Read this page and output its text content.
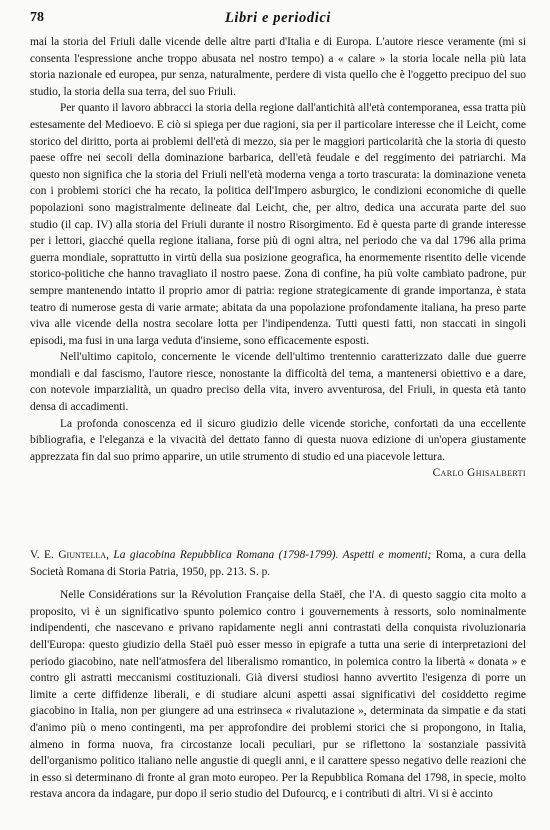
78	Libri e periodici

mai la storia del Friuli dalle vicende delle altre parti d'Italia e di Europa. L'autore riesce veramente (mi si consenta l'espressione anche troppo abusata nel nostro tempo) a « calare » la storia locale nella più lata storia nazionale ed europea, pur senza, naturalmente, perdere di vista quello che è l'oggetto precipuo del suo studio, la storia della sua terra, del suo Friuli.

Per quanto il lavoro abbracci la storia della regione dall'antichità all'età contemporanea, essa tratta più estesamente del Medioevo. E ciò si spiega per due ragioni, sia per il particolare interesse che il Leicht, come storico del diritto, porta ai problemi dell'età di mezzo, sia per le maggiori particolarità che la storia di questo paese offre nei secoli della dominazione barbarica, dell'età feudale e del reggimento dei patriarchi. Ma questo non significa che la storia del Friuli nell'età moderna venga a torto trascurata: la dominazione veneta con i problemi storici che ha recato, la politica dell'Impero asburgico, le condizioni economiche di quelle popolazioni sono magistralmente delineate dal Leicht, che, per altro, dedica una accurata parte del suo studio (il cap. IV) alla storia del Friuli durante il nostro Risorgimento. Ed è questa parte di grande interesse per i lettori, giacché quella regione italiana, forse più di ogni altra, nel periodo che va dal 1796 alla prima guerra mondiale, soprattutto in virtù della sua posizione geografica, ha enormemente risentito delle vicende storico-politiche che hanno travagliato il nostro paese. Zona di confine, ha più volte cambiato padrone, pur sempre mantenendo intatto il proprio amor di patria: regione strategicamente di grande importanza, è stata teatro di numerose gesta di varie armate; abitata da una popolazione profondamente italiana, ha preso parte viva alle vicende della nostra secolare lotta per l'indipendenza. Tutti questi fatti, non staccati in singoli episodi, ma fusi in una larga veduta d'insieme, sono efficacemente esposti.

Nell'ultimo capitolo, concernente le vicende dell'ultimo trentennio caratterizzato dalle due guerre mondiali e dal fascismo, l'autore riesce, nonostante la difficoltà del tema, a mantenersi obiettivo e a dare, con notevole imparzialità, un quadro preciso della vita, invero avventurosa, del Friuli, in questa età tanto densa di accadimenti.

La profonda conoscenza ed il sicuro giudizio delle vicende storiche, confortati da una eccellente bibliografia, e l'eleganza e la vivacità del dettato fanno di questa nuova edizione di un'opera giustamente apprezzata fin dal suo primo apparire, un utile strumento di studio ed una piacevole lettura.
Carlo Ghisalberti

V. E. Giuntella, La giacobina Repubblica Romana (1798-1799). Aspetti e momenti; Roma, a cura della Società Romana di Storia Patria, 1950, pp. 213. S. p.

Nelle Considérations sur la Révolution Française della Staël, che l'A. di questo saggio cita molto a proposito, vi è un significativo spunto polemico contro i gouvernements à ressorts, solo nominalmente indipendenti, che nascevano e privano rapidamente negli anni contrastati della conquista rivoluzionaria dell'Europa: questo giudizio della Staël può esser messo in epigrafe a tutta una serie di interpretazioni del periodo giacobino, nate nell'atmosfera del liberalismo romantico, in polemica contro la libertà « donata » e contro gli astratti meccanismi costituzionali. Già diversi studiosi hanno avvertito l'esigenza di porre un limite a certe diffidenze liberali, e di studiare alcuni aspetti assai significativi del cosiddetto regime giacobino in Italia, non per giungere ad una estrinseca « rivalutazione », determinata da simpatie e da stati d'animo più o meno contingenti, ma per approfondire dei problemi storici che si propongono, in Italia, almeno in forma nuova, fra circostanze locali peculiari, pur se riflettono la sostanziale passività dell'organismo politico italiano nelle angustie di quegli anni, e il carattere spesso negativo delle reazioni che in esso si determinano di fronte al gran moto europeo. Per la Repubblica Romana del 1798, in specie, molto restava ancora da indagare, pur dopo il serio studio del Dufourcq, e i contributi di altri. Vi si è accinto
